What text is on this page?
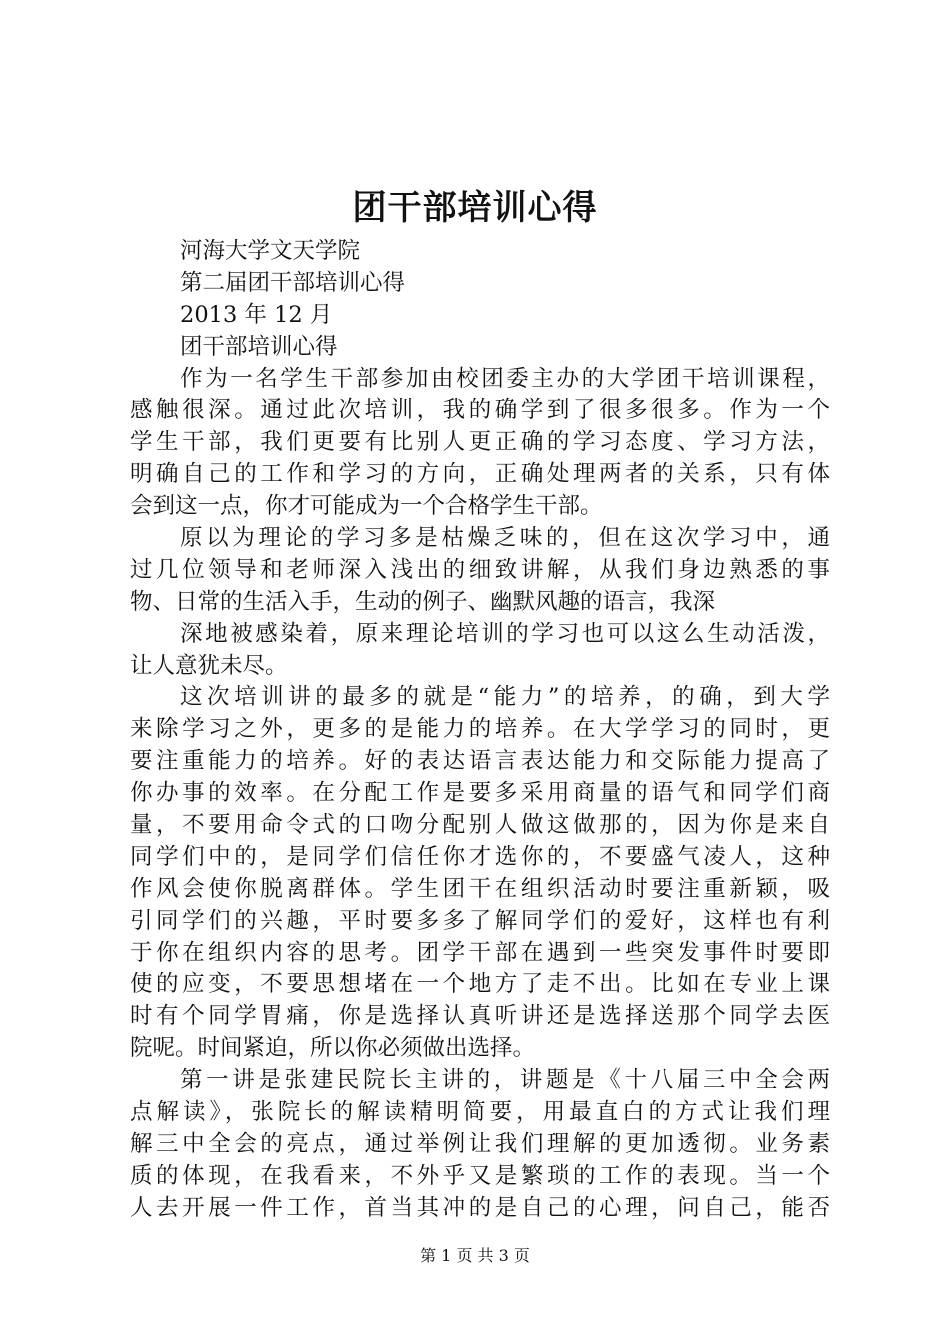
团干部培训心得
河海大学文天学院
第二届团干部培训心得
2013 年 12 月
团干部培训心得
作为一名学生干部参加由校团委主办的大学团干培训课程，
感触很深。通过此次培训，我的确学到了很多很多。作为一个
学生干部，我们更要有比别人更正确的学习态度、学习方法，
明确自己的工作和学习的方向，正确处理两者的关系，只有体
会到这一点，你才可能成为一个合格学生干部。
原以为理论的学习多是枯燥乏味的，但在这次学习中，通
过几位领导和老师深入浅出的细致讲解，从我们身边熟悉的事
物、日常的生活入手，生动的例子、幽默风趣的语言，我深
深地被感染着，原来理论培训的学习也可以这么生动活泼，
让人意犹未尽。
这次培训讲的最多的就是“能力”的培养，的确，到大学
来除学习之外，更多的是能力的培养。在大学学习的同时，更
要注重能力的培养。好的表达语言表达能力和交际能力提高了
你办事的效率。在分配工作是要多采用商量的语气和同学们商
量，不要用命令式的口吻分配别人做这做那的，因为你是来自
同学们中的，是同学们信任你才选你的，不要盛气凌人，这种
作风会使你脱离群体。学生团干在组织活动时要注重新颖，吸
引同学们的兴趣，平时要多多了解同学们的爱好，这样也有利
于你在组织内容的思考。团学干部在遇到一些突发事件时要即
使的应变，不要思想堵在一个地方了走不出。比如在专业上课
时有个同学胃痛，你是选择认真听讲还是选择送那个同学去医
院呢。时间紧迫，所以你必须做出选择。
第一讲是张建民院长主讲的，讲题是《十八届三中全会两
点解读》，张院长的解读精明简要，用最直白的方式让我们理
解三中全会的亮点，通过举例让我们理解的更加透彻。业务素
质的体现，在我看来，不外乎又是繁琐的工作的表现。当一个
人去开展一件工作，首当其冲的是自己的心理，问自己，能否
第 1 页 共 3 页
